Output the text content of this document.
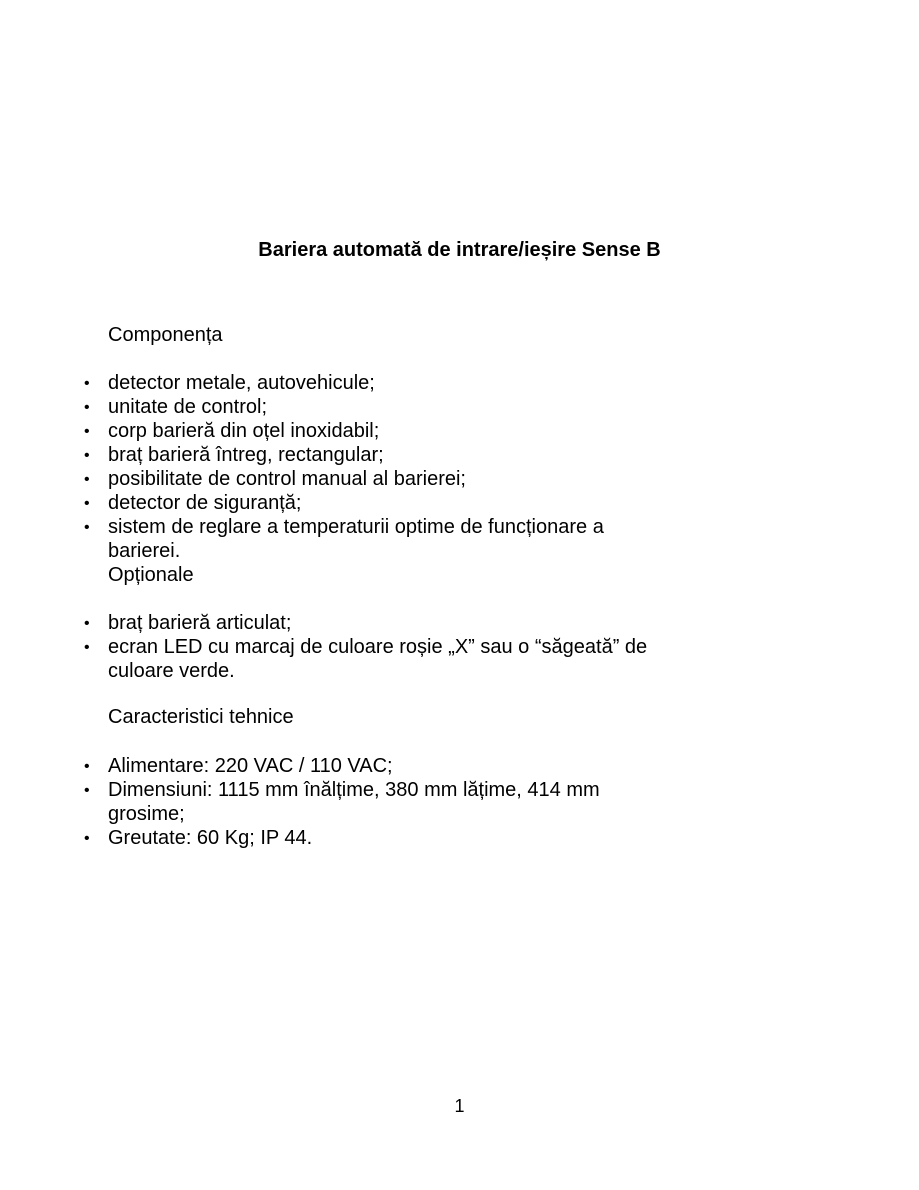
Bariera automată de intrare/ieșire Sense B
Componența
• detector metale, autovehicule;
• unitate de control;
• corp barieră din oțel inoxidabil;
• braț barieră întreg, rectangular;
• posibilitate de control manual al barierei;
• detector de siguranță;
• sistem de reglare a temperaturii optime de funcționare a barierei.
Opționale
• braț barieră articulat;
• ecran LED cu marcaj de culoare roșie „X” sau o “săgeată” de culoare verde.
Caracteristici tehnice
• Alimentare: 220 VAC / 110 VAC;
• Dimensiuni: 1115 mm înălțime, 380 mm lățime, 414 mm grosime;
• Greutate: 60 Kg; IP 44.
1
